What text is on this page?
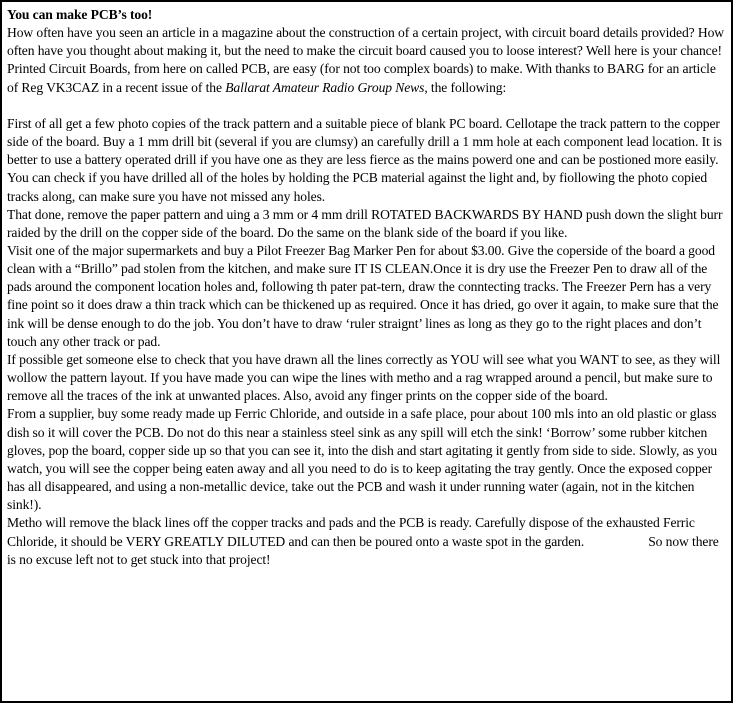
You can make PCB’s too!

How often have you seen an article in a magazine about the construction of a certain project, with circuit board details provided? How often have you thought about making it, but the need to make the circuit board caused you to loose interest? Well here is your chance! Printed Circuit Boards, from here on called PCB, are easy (for not too complex boards) to make. With thanks to BARG for an article of Reg VK3CAZ in a recent issue of the Ballarat Amateur Radio Group News, the following:

First of all get a few photo copies of the track pattern and a suitable piece of blank PC board. Cellotape the track pattern to the copper side of the board. Buy a 1 mm drill bit (several if you are clumsy) an carefully drill a 1 mm hole at each component lead location. It is better to use a battery operated drill if you have one as they are less fierce as the mains powerd one and can be postioned more easily. You can check if you have drilled all of the holes by holding the PCB material against the light and, by fiollowing the photo copied tracks along, can make sure you have not missed any holes.

That done, remove the paper pattern and uing a 3 mm or 4 mm drill ROTATED BACKWARDS BY HAND push down the slight burr raided by the drill on the copper side of the board. Do the same on the blank side of the board if you like.

Visit one of the major supermarkets and buy a Pilot Freezer Bag Marker Pen for about $3.00. Give the coperside of the board a good clean with a “Brillo” pad stolen from the kitchen, and make sure IT IS CLEAN.Once it is dry use the Freezer Pen to draw all of the pads around the component location holes and, following th pater pat-tern, draw the conntecting tracks. The Freezer Pern has a very fine point so it does draw a thin track which can be thickened up as required. Once it has dried, go over it again, to make sure that the ink will be dense enough to do the job. You don’t have to draw ‘ruler straignt’ lines as long as they go to the right places and don’t touch any other track or pad.

If possible get someone else to check that you have drawn all the lines correctly as YOU will see what you WANT to see, as they will wollow the pattern layout. If you have made you can wipe the lines with metho and a rag wrapped around a pencil, but make sure to remove all the traces of the ink at unwanted places. Also, avoid any finger prints on the copper side of the board.

From a supplier, buy some ready made up Ferric Chloride, and outside in a safe place, pour about 100 mls into an old plastic or glass dish so it will cover the PCB. Do not do this near a stainless steel sink as any spill will etch the sink! ‘Borrow’ some rubber kitchen gloves, pop the board, copper side up so that you can see it, into the dish and start agitating it gently from side to side. Slowly, as you watch, you will see the copper being eaten away and all you need to do is to keep agitating the tray gently. Once the exposed copper has all disappeared, and using a non-metallic device, take out the PCB and wash it under running water (again, not in the kitchen sink!).

Metho will remove the black lines off the copper tracks and pads and the PCB is ready. Carefully dispose of the exhausted Ferric Chloride, it should be VERY GREATLY DILUTED and can then be poured onto a waste spot in the garden.	So now there is no excuse left not to get stuck into that project!
